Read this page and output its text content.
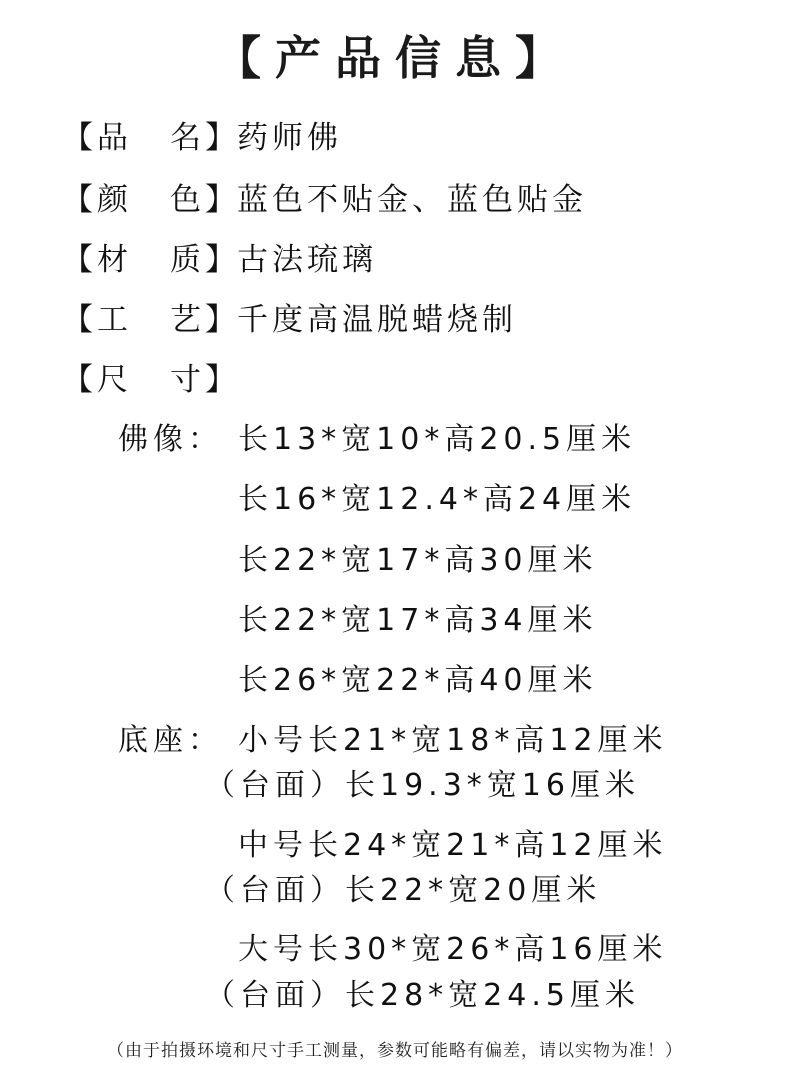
【产品信息】
【品 名】药师佛
【颜 色】蓝色不贴金、蓝色贴金
【材 质】古法琉璃
【工 艺】千度高温脱蜡烧制
【尺 寸】
佛像： 长13*宽10*高20.5厘米
长16*宽12.4*高24厘米
长22*宽17*高30厘米
长22*宽17*高34厘米
长26*宽22*高40厘米
底座： 小号长21*宽18*高12厘米
（台面）长19.3*宽16厘米
中号长24*宽21*高12厘米
（台面）长22*宽20厘米
大号长30*宽26*高16厘米
（台面）长28*宽24.5厘米
（由于拍摄环境和尺寸手工测量，参数可能略有偏差，请以实物为准！）
